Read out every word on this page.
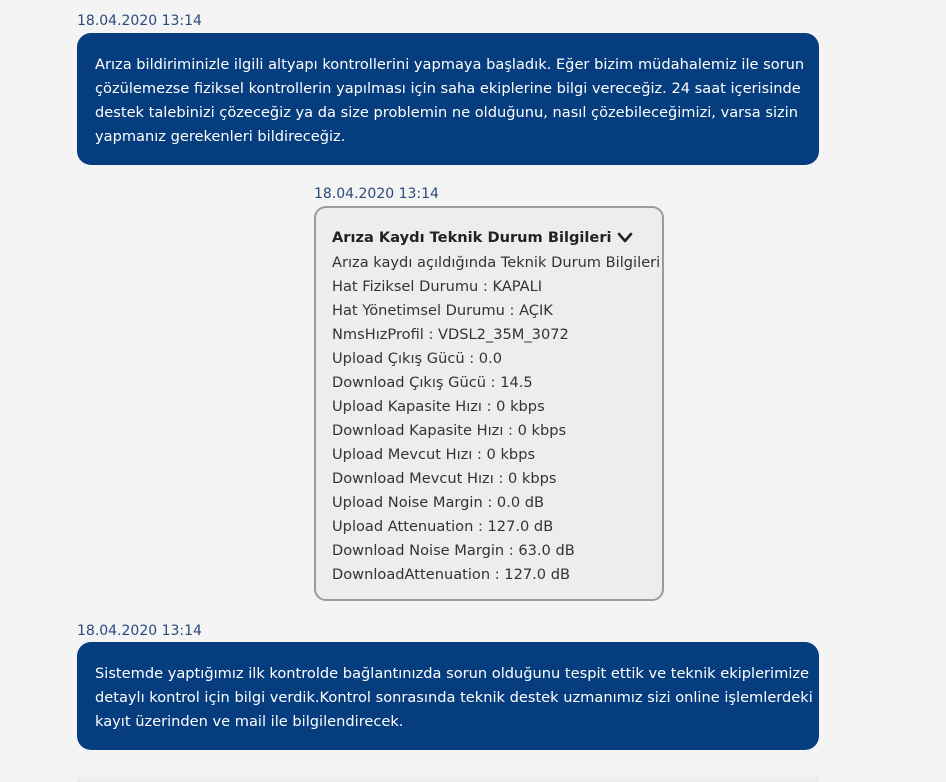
18.04.2020 13:14

Arıza bildiriminizle ilgili altyapı kontrollerini yapmaya başladık. Eğer bizim müdahalemiz ile sorun

çözülemezse fiziksel kontrollerin yapılması için saha ekiplerine bilgi vereceğiz. 24 saat içerisinde

destek talebinizi çözeceğiz ya da size problemin ne olduğunu, nasıl çözebileceğimizi, varsa sizin

yapmanız gerekenleri bildireceğiz.

18.04.2020 13:14
Arıza Kaydı Teknik Durum Bilgileri
Arıza kaydı açıldığında Teknik Durum Bilgileri
Hat Fiziksel Durumu : KAPALI
Hat Yönetimsel Durumu : AÇIK
NmsHızProfil : VDSL2_35M_3072
Upload Çıkış Gücü : 0.0
Download Çıkış Gücü : 14.5
Upload Kapasite Hızı : 0 kbps
Download Kapasite Hızı : 0 kbps
Upload Mevcut Hızı : 0 kbps
Download Mevcut Hızı : 0 kbps
Upload Noise Margin : 0.0 dB
Upload Attenuation : 127.0 dB
Download Noise Margin : 63.0 dB
DownloadAttenuation : 127.0 dB
18.04.2020 13:14

Sistemde yaptığımız ilk kontrolde bağlantınızda sorun olduğunu tespit ettik ve teknik ekiplerimize

detaylı kontrol için bilgi verdik.Kontrol sonrasında teknik destek uzmanımız sizi online işlemlerdeki

kayıt üzerinden ve mail ile bilgilendirecek.
